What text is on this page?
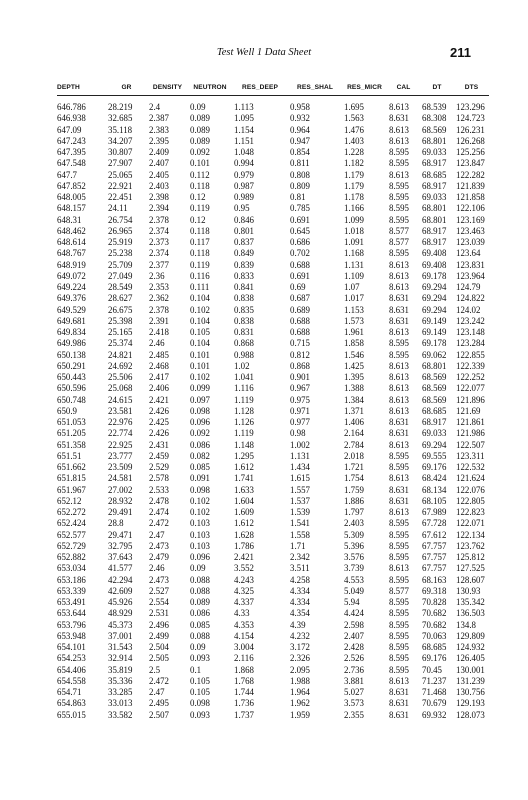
Test Well 1 Data Sheet	211
DEPTH	GR	DENSITY	NEUTRON	RES_DEEP	RES_SHAL	RES_MICR	CAL	DT	DTS
646.786	28.219	2.4	0.09	1.113	0.958	1.695	8.613	68.539	123.296
646.938	32.685	2.387	0.089	1.095	0.932	1.563	8.631	68.308	124.723
647.09	35.118	2.383	0.089	1.154	0.964	1.476	8.613	68.569	126.231
647.243	34.207	2.395	0.089	1.151	0.947	1.403	8.613	68.801	126.268
647.395	30.807	2.409	0.092	1.048	0.854	1.228	8.595	69.033	125.256
647.548	27.907	2.407	0.101	0.994	0.811	1.182	8.595	68.917	123.847
647.7	25.065	2.405	0.112	0.979	0.808	1.179	8.613	68.685	122.282
647.852	22.921	2.403	0.118	0.987	0.809	1.179	8.595	68.917	121.839
648.005	22.451	2.398	0.12	0.989	0.81	1.178	8.595	69.033	121.858
648.157	24.11	2.394	0.119	0.95	0.785	1.166	8.595	68.801	122.106
648.31	26.754	2.378	0.12	0.846	0.691	1.099	8.595	68.801	123.169
648.462	26.965	2.374	0.118	0.801	0.645	1.018	8.577	68.917	123.463
648.614	25.919	2.373	0.117	0.837	0.686	1.091	8.577	68.917	123.039
648.767	25.238	2.374	0.118	0.849	0.702	1.168	8.595	69.408	123.64
648.919	25.709	2.377	0.119	0.839	0.688	1.131	8.613	69.408	123.831
649.072	27.049	2.36	0.116	0.833	0.691	1.109	8.613	69.178	123.964
649.224	28.549	2.353	0.111	0.841	0.69	1.07	8.613	69.294	124.79
649.376	28.627	2.362	0.104	0.838	0.687	1.017	8.631	69.294	124.822
649.529	26.675	2.378	0.102	0.835	0.689	1.153	8.631	69.294	124.02
649.681	25.398	2.391	0.104	0.838	0.688	1.573	8.631	69.149	123.242
649.834	25.165	2.418	0.105	0.831	0.688	1.961	8.613	69.149	123.148
649.986	25.374	2.46	0.104	0.868	0.715	1.858	8.595	69.178	123.284
650.138	24.821	2.485	0.101	0.988	0.812	1.546	8.595	69.062	122.855
650.291	24.692	2.468	0.101	1.02	0.868	1.425	8.613	68.801	122.339
650.443	25.506	2.417	0.102	1.041	0.901	1.395	8.613	68.569	122.252
650.596	25.068	2.406	0.099	1.116	0.967	1.388	8.613	68.569	122.077
650.748	24.615	2.421	0.097	1.119	0.975	1.384	8.613	68.569	121.896
650.9	23.581	2.426	0.098	1.128	0.971	1.371	8.613	68.685	121.69
651.053	22.976	2.425	0.096	1.126	0.977	1.406	8.631	68.917	121.861
651.205	22.774	2.426	0.092	1.119	0.98	2.164	8.631	69.033	121.986
651.358	22.925	2.431	0.086	1.148	1.002	2.784	8.613	69.294	122.507
651.51	23.777	2.459	0.082	1.295	1.131	2.018	8.595	69.555	123.311
651.662	23.509	2.529	0.085	1.612	1.434	1.721	8.595	69.176	122.532
651.815	24.581	2.578	0.091	1.741	1.615	1.754	8.613	68.424	121.624
651.967	27.002	2.533	0.098	1.633	1.557	1.759	8.631	68.134	122.076
652.12	28.932	2.478	0.102	1.604	1.537	1.886	8.631	68.105	122.805
652.272	29.491	2.474	0.102	1.609	1.539	1.797	8.613	67.989	122.823
652.424	28.8	2.472	0.103	1.612	1.541	2.403	8.595	67.728	122.071
652.577	29.471	2.47	0.103	1.628	1.558	5.309	8.595	67.612	122.134
652.729	32.795	2.473	0.103	1.786	1.71	5.396	8.595	67.757	123.762
652.882	37.643	2.479	0.096	2.421	2.342	3.576	8.595	67.757	125.812
653.034	41.577	2.46	0.09	3.552	3.511	3.739	8.613	67.757	127.525
653.186	42.294	2.473	0.088	4.243	4.258	4.553	8.595	68.163	128.607
653.339	42.609	2.527	0.088	4.325	4.334	5.049	8.577	69.318	130.93
653.491	45.926	2.554	0.089	4.337	4.334	5.94	8.595	70.828	135.342
653.644	48.929	2.531	0.086	4.33	4.354	4.424	8.595	70.682	136.503
653.796	45.373	2.496	0.085	4.353	4.39	2.598	8.595	70.682	134.8
653.948	37.001	2.499	0.088	4.154	4.232	2.407	8.595	70.063	129.809
654.101	31.543	2.504	0.09	3.004	3.172	2.428	8.595	68.685	124.932
654.253	32.914	2.505	0.093	2.116	2.326	2.526	8.595	69.176	126.405
654.406	35.819	2.5	0.1	1.868	2.095	2.736	8.595	70.45	130.001
654.558	35.336	2.472	0.105	1.768	1.988	3.881	8.613	71.237	131.239
654.71	33.285	2.47	0.105	1.744	1.964	5.027	8.631	71.468	130.756
654.863	33.013	2.495	0.098	1.736	1.962	3.573	8.631	70.679	129.193
655.015	33.582	2.507	0.093	1.737	1.959	2.355	8.631	69.932	128.073
